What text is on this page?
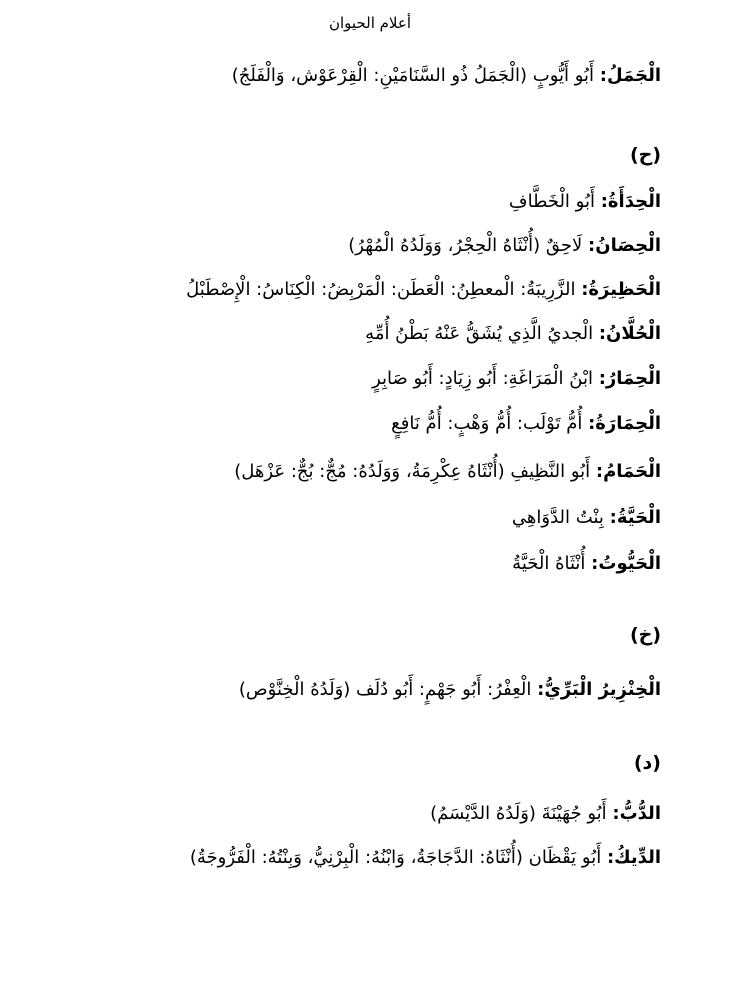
أعلام الحيوان
الْجَمَلُ: أَبُو أَيُّوبٍ (الْجَمَلُ ذُو السَّنَامَيْنِ: الْقِرْعَوْش، وَالْفَلَجُ)
(ح)
الْحِدَأَةُ: أَبُو الْخَطَّافِ
الْحِصَانُ: لَاحِقٌ (أُنْثَاهُ الْحِجْرُ، وَوَلَدُهُ الْمُهْرُ)
الْحَظِيرَةُ: الزَّرِيبَةُ: الْمعطِنُ: الْعَطَن: الْمَرْبِضُ: الْكِنَاسُ: الْإِصْطَبْلُ
الْحُلَّانُ: الْجديُ الَّذِي يُشَقُّ عَنْهُ بَطْنُ أُمِّهِ
الْحِمَارُ: ابْنُ الْمَرَاغَةِ: أَبُو زِيَادٍ: أَبُو صَابِرٍ
الْحِمَارَةُ: أُمُّ تَوْلَب: أُمُّ وَهْبٍ: أُمُّ نَافِعٍ
الْحَمَامُ: أَبُو النَّظِيفِ (أُنْثَاهُ عِكْرِمَةُ، وَوَلَدُهُ: مُجٌّ: بُجٌّ: عَزْهَل)
الْحَيَّةُ: بِنْتُ الدَّوَاهِي
الْحَيُّوتُ: أُنْثَاهُ الْحَيَّةُ
(خ)
الْخِنْزِيرُ الْبَرِّيُّ: الْعِفْرُ: أَبُو جَهْمٍ: أَبُو دُلَف (وَلَدُهُ الْخِنَّوْص)
(د)
الدُّبُّ: أَبُو جُهَيْنَةَ (وَلَدُهُ الدَّيْسَمُ)
الدِّيكُ: أَبُو يَقْظَان (أُنْثَاهُ: الدَّجَاجَةُ، وَابْنُهُ: الْبِرْنِيُّ، وَبِنْتُهُ: الْفَرُّوجَةُ)
